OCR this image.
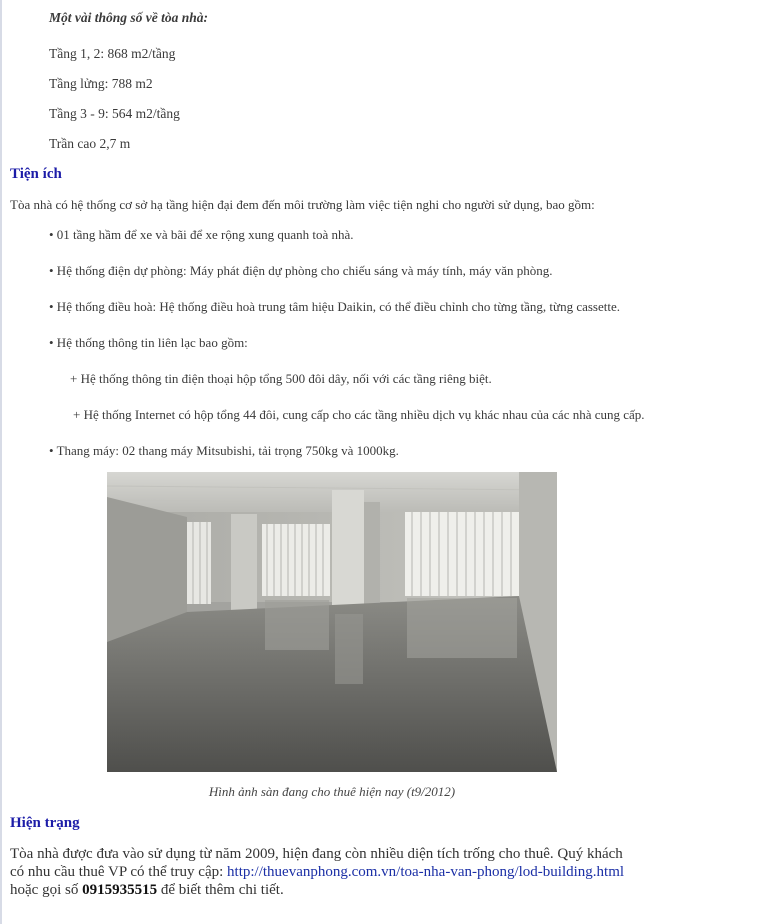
Một vài thông số về tòa nhà:
Tầng 1, 2: 868 m2/tầng
Tầng lửng: 788 m2
Tầng 3 - 9: 564 m2/tầng
Trần cao 2,7 m
Tiện ích
Tòa nhà có hệ thống cơ sở hạ tầng hiện đại đem đến môi trường làm việc tiện nghi cho người sử dụng, bao gồm:
• 01 tầng hầm để xe và bãi để xe rộng xung quanh toà nhà.
• Hệ thống điện dự phòng: Máy phát điện dự phòng cho chiếu sáng và máy tính, máy văn phòng.
• Hệ thống điều hoà: Hệ thống điều hoà trung tâm hiệu Daikin, có thể điều chỉnh cho từng tầng, từng cassette.
• Hệ thống thông tin liên lạc bao gồm:
+ Hệ thống thông tin điện thoại hộp tổng 500 đôi dây, nối với các tầng riêng biệt.
+ Hệ thống Internet có hộp tổng 44 đôi, cung cấp cho các tầng nhiều dịch vụ khác nhau của các nhà cung cấp.
• Thang máy: 02 thang máy Mitsubishi, tải trọng 750kg và 1000kg.
Hình ảnh sàn đang cho thuê hiện nay (t9/2012)
Hiện trạng
Tòa nhà được đưa vào sử dụng từ năm 2009, hiện đang còn nhiều diện tích trống cho thuê. Quý khách có nhu cầu thuê VP có thể truy cập: http://thuevanphong.com.vn/toa-nha-van-phong/lod-building.html hoặc gọi số 0915935515 để biết thêm chi tiết.
